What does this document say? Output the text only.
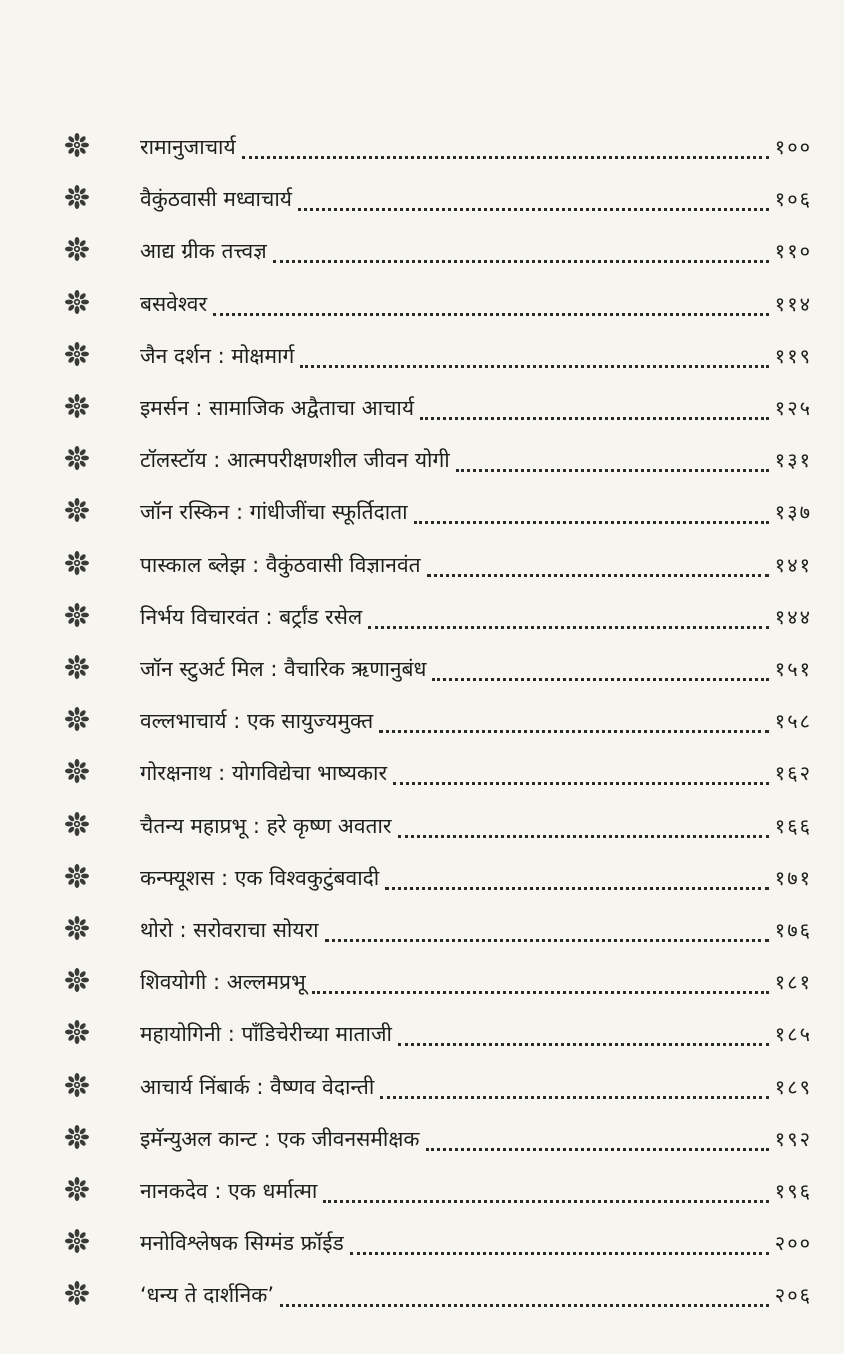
रामानुजाचार्य	१००
वैकुंठवासी मध्वाचार्य	१०६
आद्य ग्रीक तत्त्वज्ञ	११०
बसवेश्वर	११४
जैन दर्शन : मोक्षमार्ग	११९
इमर्सन : सामाजिक अद्वैताचा आचार्य	१२५
टॉलस्टॉय : आत्मपरीक्षणशील जीवन योगी	१३१
जॉन रस्किन : गांधीजींचा स्फूर्तिदाता	१३७
पास्काल ब्लेझ : वैकुंठवासी विज्ञानवंत	१४१
निर्भय विचारवंत : बर्ट्रांड रसेल	१४४
जॉन स्टुअर्ट मिल : वैचारिक ऋणानुबंध	१५१
वल्लभाचार्य : एक सायुज्यमुक्त	१५८
गोरक्षनाथ : योगविद्येचा भाष्यकार	१६२
चैतन्य महाप्रभू : हरे कृष्ण अवतार	१६६
कन्फ्यूशस : एक विश्वकुटुंबवादी	१७१
थोरो : सरोवराचा सोयरा	१७६
शिवयोगी : अल्लमप्रभू	१८१
महायोगिनी : पाँडिचेरीच्या माताजी	१८५
आचार्य निंबार्क : वैष्णव वेदान्ती	१८९
इमॅन्युअल कान्ट : एक जीवनसमीक्षक	१९२
नानकदेव : एक धर्मात्मा	१९६
मनोविश्लेषक सिग्मंड फ्रॉईड	२००
‘धन्य ते दार्शनिक’	२०६
